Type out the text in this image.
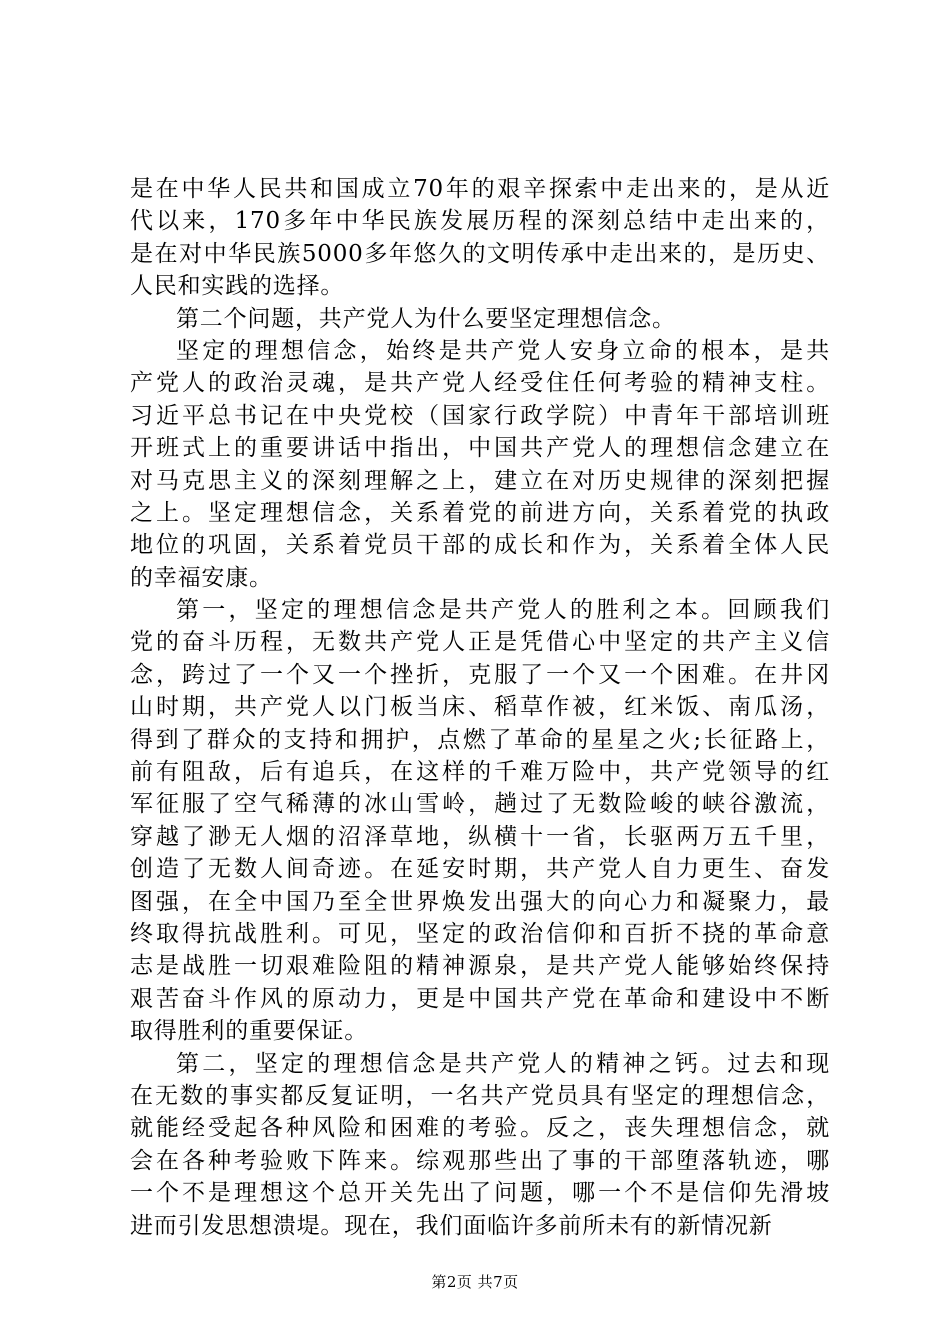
是在中华人民共和国成立70年的艰辛探索中走出来的，是从近
代以来，170多年中华民族发展历程的深刻总结中走出来的，
是在对中华民族5000多年悠久的文明传承中走出来的，是历史、
人民和实践的选择。
第二个问题，共产党人为什么要坚定理想信念。
坚定的理想信念，始终是共产党人安身立命的根本，是共
产党人的政治灵魂，是共产党人经受住任何考验的精神支柱。
习近平总书记在中央党校（国家行政学院）中青年干部培训班
开班式上的重要讲话中指出，中国共产党人的理想信念建立在
对马克思主义的深刻理解之上，建立在对历史规律的深刻把握
之上。坚定理想信念，关系着党的前进方向，关系着党的执政
地位的巩固，关系着党员干部的成长和作为，关系着全体人民
的幸福安康。
第一，坚定的理想信念是共产党人的胜利之本。回顾我们
党的奋斗历程，无数共产党人正是凭借心中坚定的共产主义信
念，跨过了一个又一个挫折，克服了一个又一个困难。在井冈
山时期，共产党人以门板当床、稻草作被，红米饭、南瓜汤，
得到了群众的支持和拥护，点燃了革命的星星之火;长征路上，
前有阻敌，后有追兵，在这样的千难万险中，共产党领导的红
军征服了空气稀薄的冰山雪岭，趟过了无数险峻的峡谷激流，
穿越了渺无人烟的沼泽草地，纵横十一省，长驱两万五千里，
创造了无数人间奇迹。在延安时期，共产党人自力更生、奋发
图强，在全中国乃至全世界焕发出强大的向心力和凝聚力，最
终取得抗战胜利。可见，坚定的政治信仰和百折不挠的革命意
志是战胜一切艰难险阻的精神源泉，是共产党人能够始终保持
艰苦奋斗作风的原动力，更是中国共产党在革命和建设中不断
取得胜利的重要保证。
第二，坚定的理想信念是共产党人的精神之钙。过去和现
在无数的事实都反复证明，一名共产党员具有坚定的理想信念，
就能经受起各种风险和困难的考验。反之，丧失理想信念，就
会在各种考验败下阵来。综观那些出了事的干部堕落轨迹，哪
一个不是理想这个总开关先出了问题，哪一个不是信仰先滑坡
进而引发思想溃堤。现在，我们面临许多前所未有的新情况新
第2页 共7页
